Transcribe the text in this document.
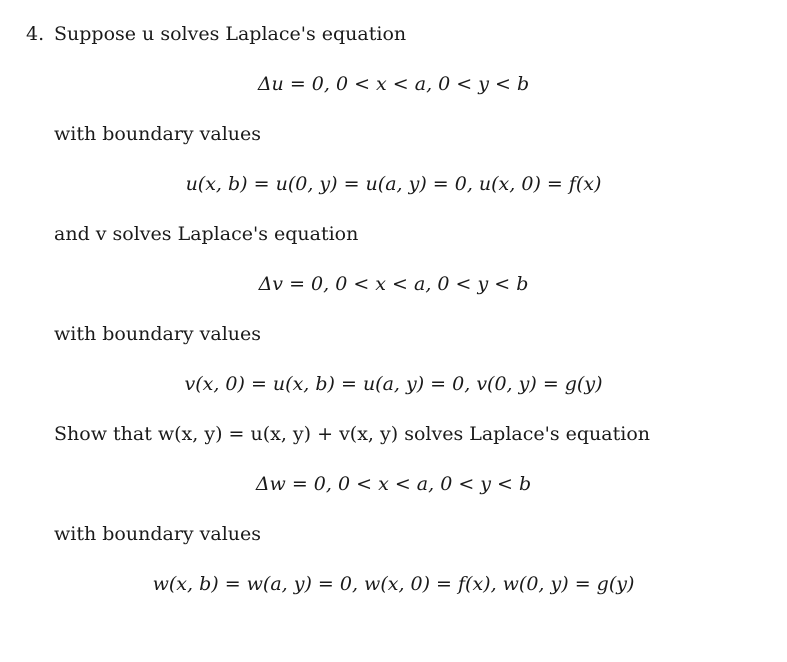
4. Suppose u solves Laplace's equation
Δu = 0, 0 < x < a, 0 < y < b
with boundary values
u(x, b) = u(0, y) = u(a, y) = 0, u(x, 0) = f(x)
and v solves Laplace's equation
Δv = 0, 0 < x < a, 0 < y < b
with boundary values
v(x, 0) = u(x, b) = u(a, y) = 0, v(0, y) = g(y)
Show that w(x, y) = u(x, y) + v(x, y) solves Laplace's equation
Δw = 0, 0 < x < a, 0 < y < b
with boundary values
w(x, b) = w(a, y) = 0, w(x, 0) = f(x), w(0, y) = g(y)
